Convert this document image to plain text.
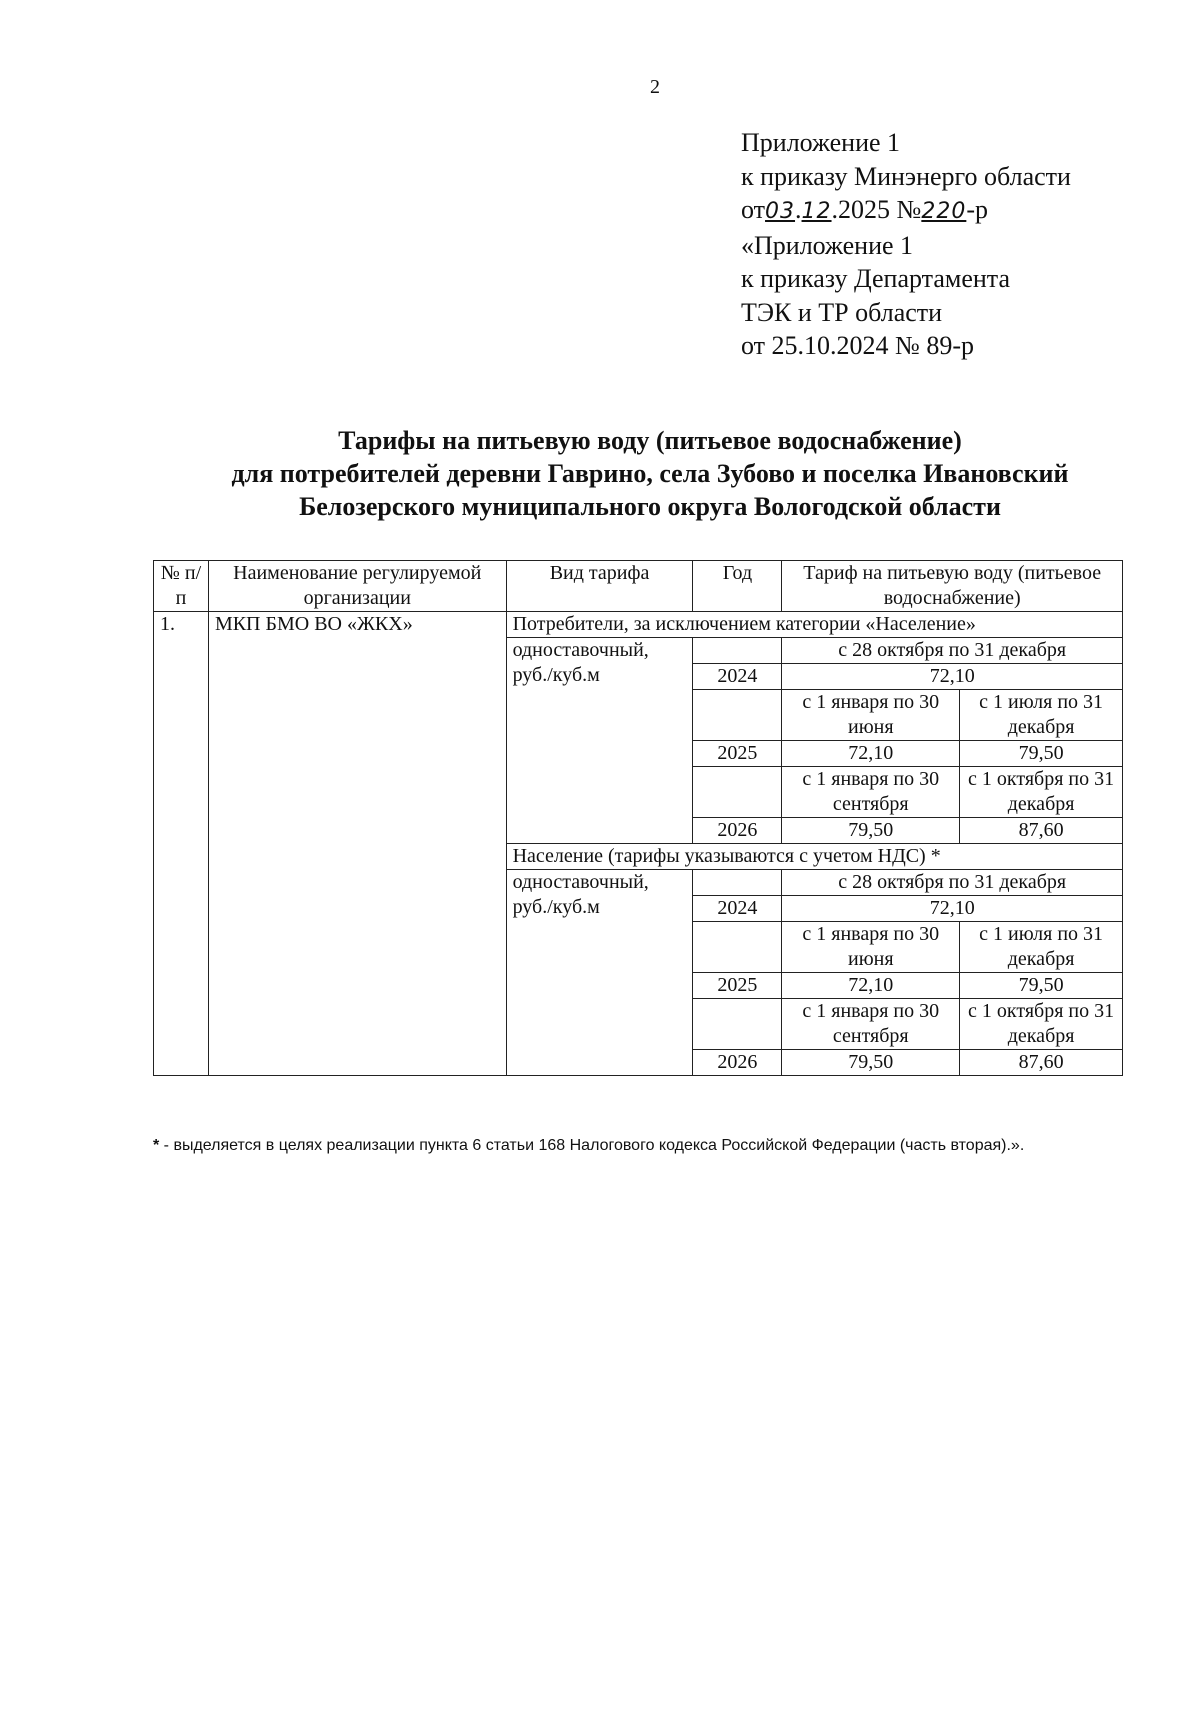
2
Приложение 1
к приказу Минэнерго области
от03.12.2025 №220-р
«Приложение 1
к приказу Департамента
ТЭК и ТР области
от 25.10.2024 № 89-р
Тарифы на питьевую воду (питьевое водоснабжение)
для потребителей деревни Гаврино, села Зубово и поселка Ивановский
Белозерского муниципального округа Вологодской области
№ п/п	Наименование регулируемой организации	Вид тарифа	Год	Тариф на питьевую воду (питьевое водоснабжение)	
1.	МКП БМО ВО «ЖКХ»	Потребители, за исключением категории «Население»			
		одноставочный, руб./куб.м		с 28 октября по 31 декабря	
			2024	72,10	
				с 1 января по 30 июня	с 1 июля по 31 декабря

			2025	72,10	79,50
				с 1 января по 30 сентября	с 1 октября по 31 декабря

			2026	79,50	87,60
		Население (тарифы указываются с учетом НДС) *			
		одноставочный, руб./куб.м		с 28 октября по 31 декабря	
			2024	72,10	
				с 1 января по 30 июня	с 1 июля по 31 декабря

			2025	72,10	79,50
				с 1 января по 30 сентября	с 1 октября по 31 декабря

			2026	79,50	87,60
* - выделяется в целях реализации пункта 6 статьи 168 Налогового кодекса Российской Федерации (часть вторая).».
